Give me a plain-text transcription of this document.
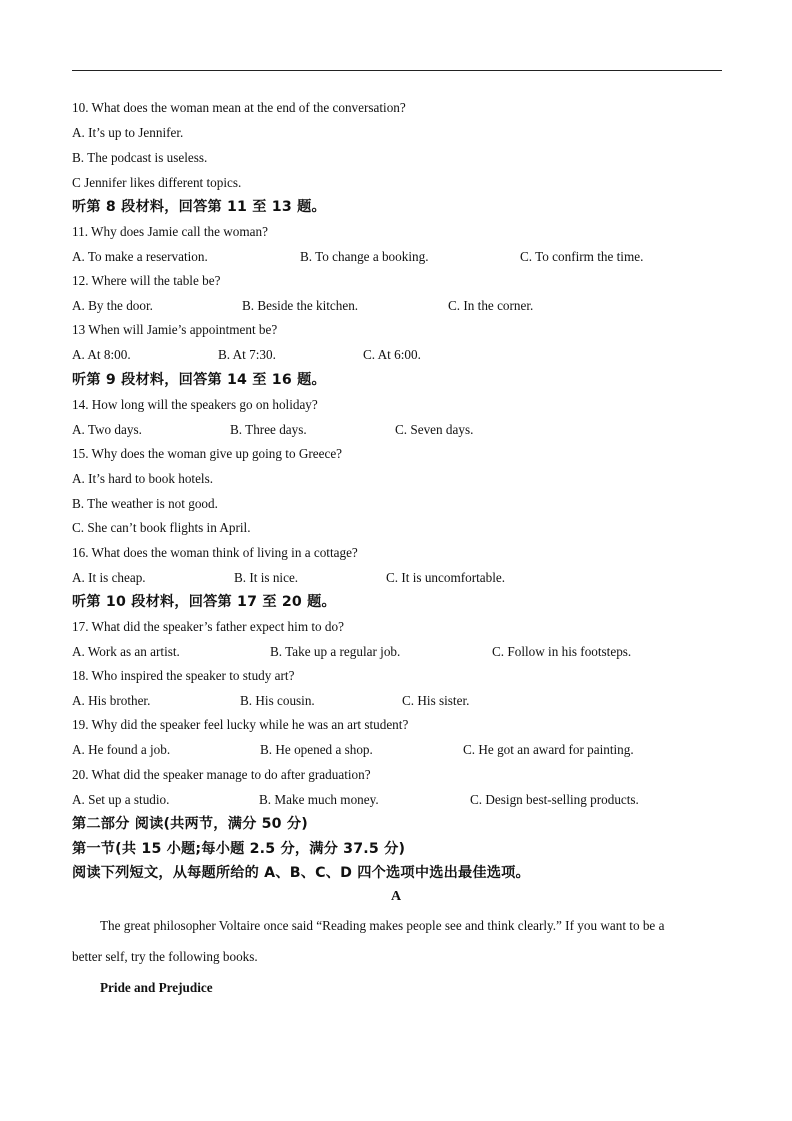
10. What does the woman mean at the end of the conversation?
A. It’s up to Jennifer.
B. The podcast is useless.
C Jennifer likes different topics.
听第 8 段材料，回答第 11 至 13 题。
11. Why does Jamie call the woman?
A. To make a reservation.	B. To change a booking.	C. To confirm the time.
12. Where will the table be?
A. By the door.	B. Beside the kitchen.	C. In the corner.
13 When will Jamie’s appointment be?
A. At 8:00.	B. At 7:30.	C. At 6:00.
听第 9 段材料，回答第 14 至 16 题。
14. How long will the speakers go on holiday?
A. Two days.	B. Three days.	C. Seven days.
15. Why does the woman give up going to Greece?
A. It’s hard to book hotels.
B. The weather is not good.
C. She can’t book flights in April.
16. What does the woman think of living in a cottage?
A. It is cheap.	B. It is nice.	C. It is uncomfortable.
听第 10 段材料，回答第 17 至 20 题。
17. What did the speaker’s father expect him to do?
A. Work as an artist.	B. Take up a regular job.	C. Follow in his footsteps.
18. Who inspired the speaker to study art?
A. His brother.	B. His cousin.	C. His sister.
19. Why did the speaker feel lucky while he was an art student?
A. He found a job.	B. He opened a shop.	C. He got an award for painting.
20. What did the speaker manage to do after graduation?
A. Set up a studio.	B. Make much money.	C. Design best-selling products.
第二部分 阅读(共两节，满分 50 分)
第一节(共 15 小题;每小题 2.5 分，满分 37.5 分)
阅读下列短文，从每题所给的 A、B、C、D 四个选项中选出最佳选项。
A
The great philosopher Voltaire once said “Reading makes people see and think clearly.” If you want to be a
better self, try the following books.
Pride and Prejudice
